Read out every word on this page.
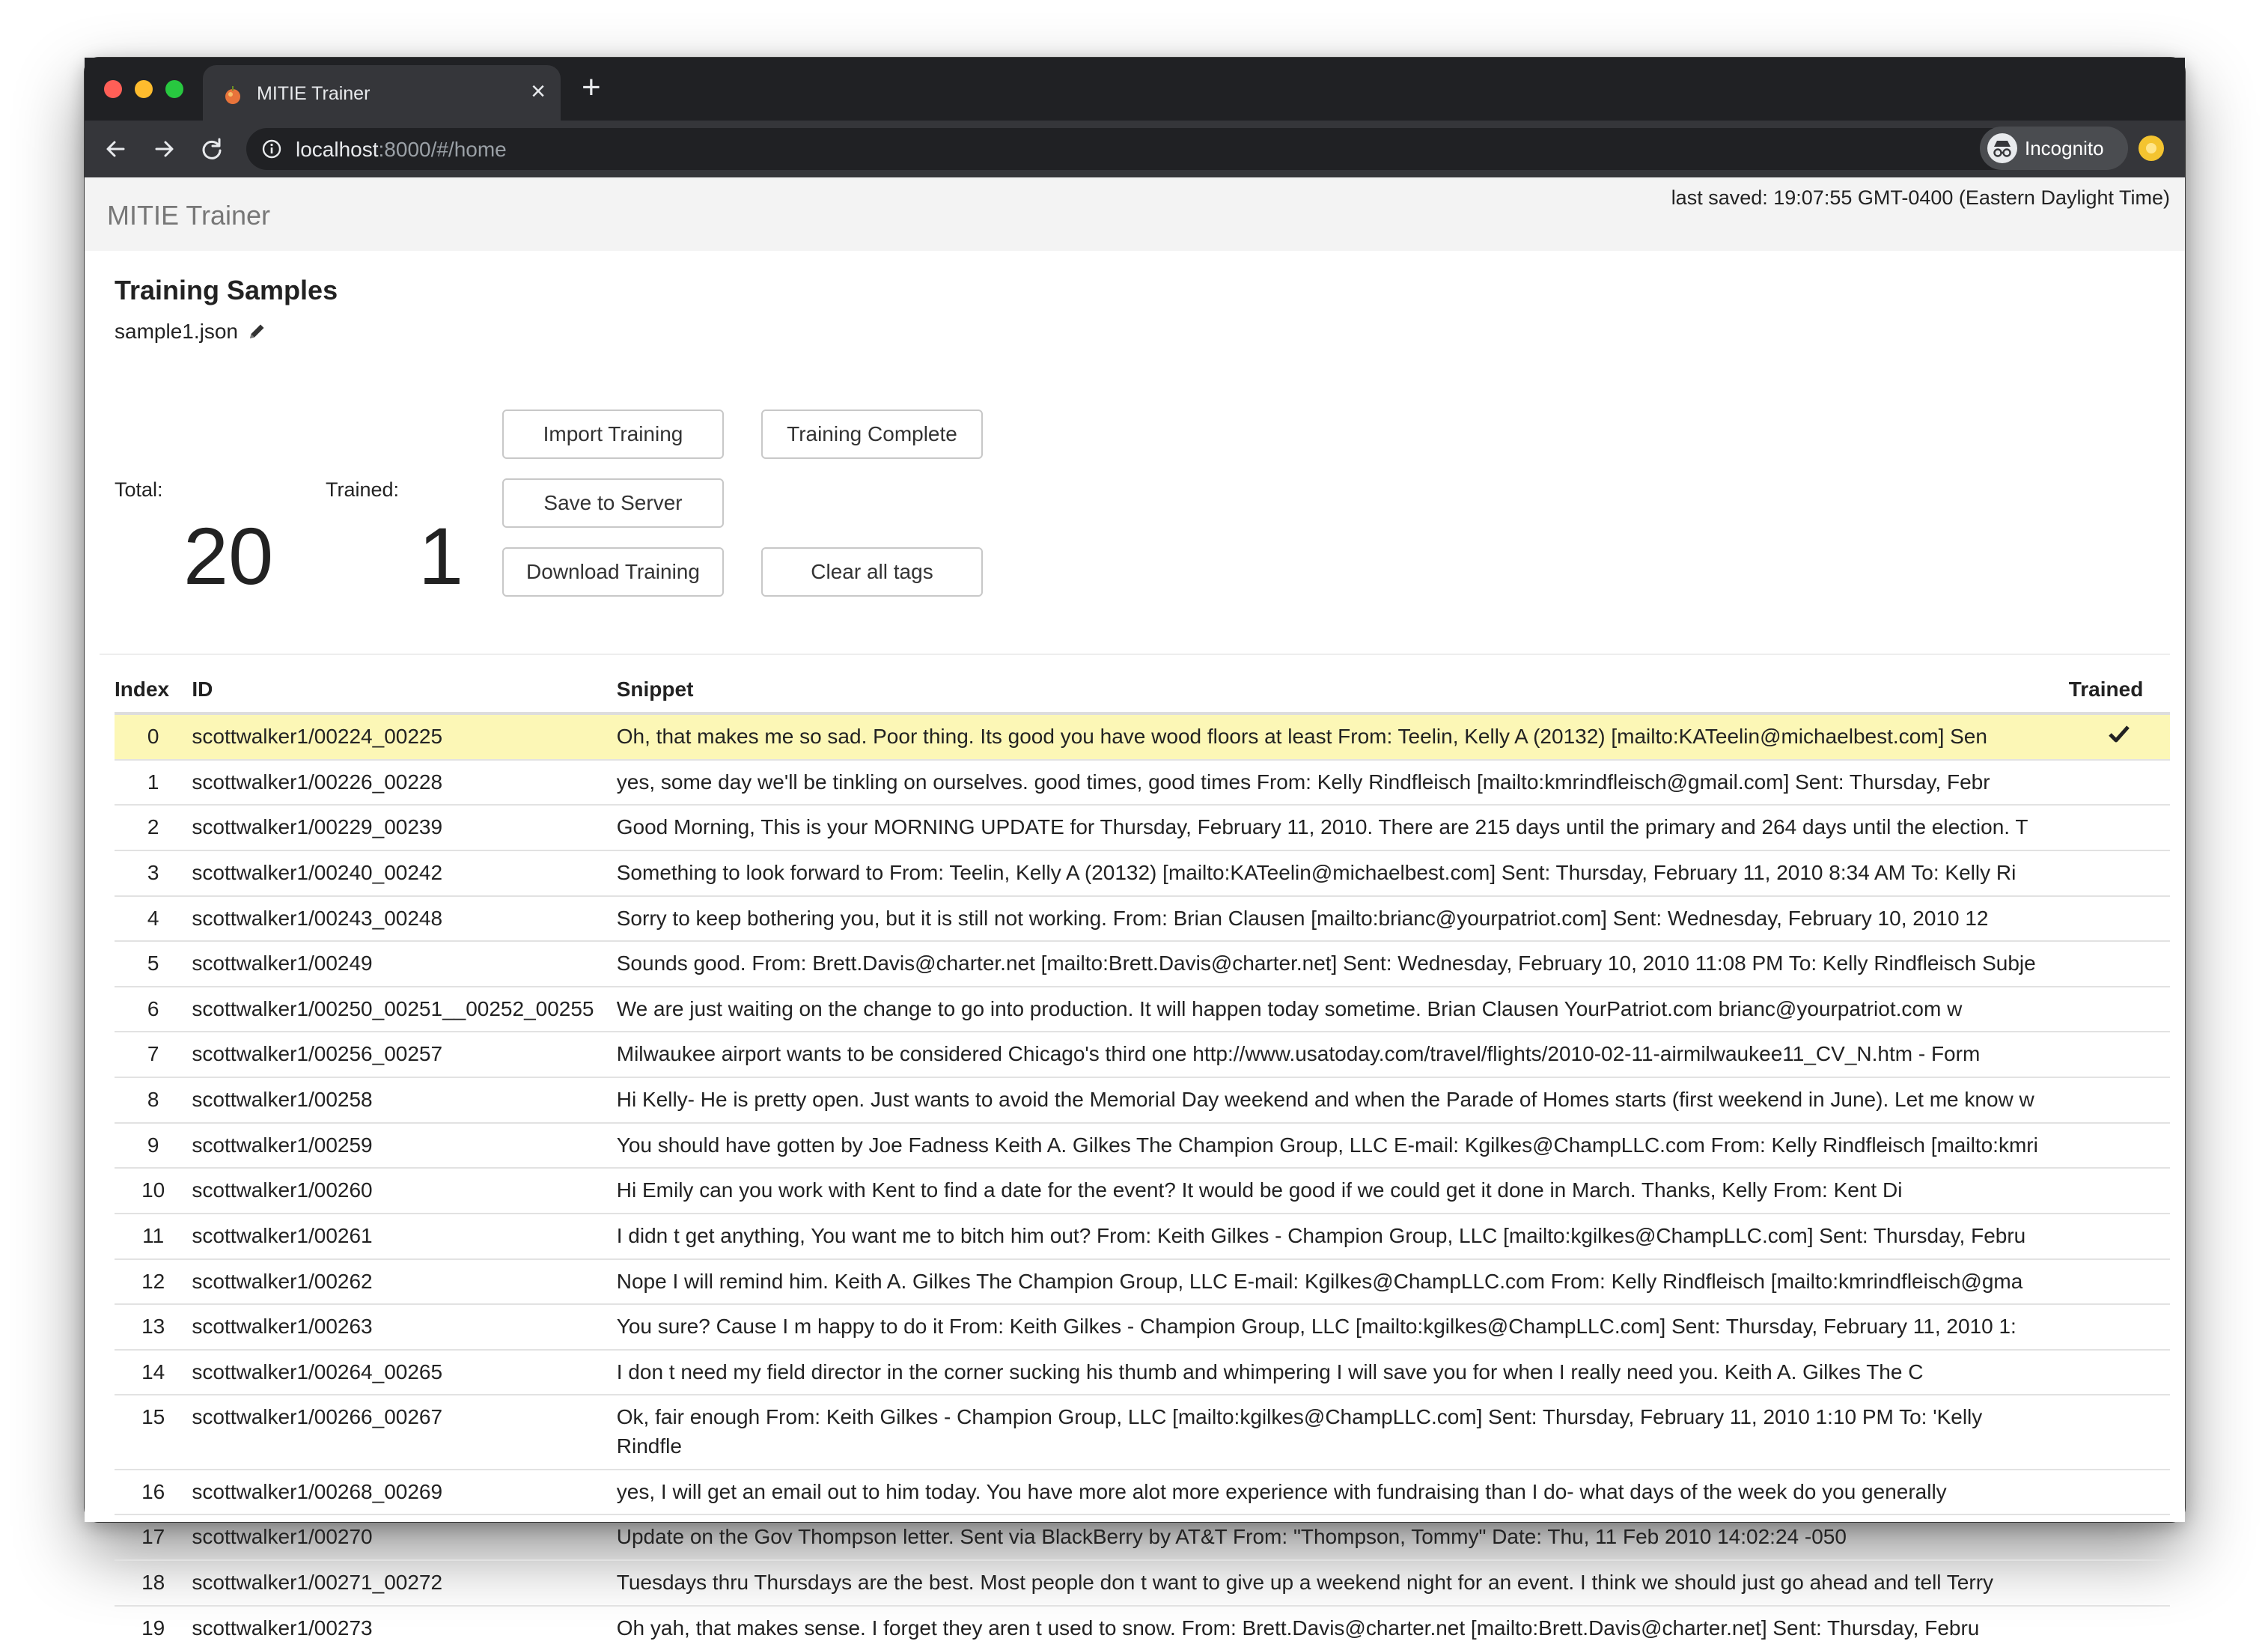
MITIE Trainer	× +
localhost:8000/#/home	Incognito
MITIE Trainer
last saved: 19:07:55 GMT-0400 (Eastern Daylight Time)
Training Samples
sample1.json
Total:
20
Trained:
1
Import Training	Training Complete
Save to Server
Download Training	Clear all tags
Index	ID	Snippet	Trained
0	scottwalker1/00224_00225	Oh, that makes me so sad. Poor thing. Its good you have wood floors at least From: Teelin, Kelly A (20132) [mailto:KATeelin@michaelbest.com] Sen	
1	scottwalker1/00226_00228	yes, some day we'll be tinkling on ourselves. good times, good times From: Kelly Rindfleisch [mailto:kmrindfleisch@gmail.com] Sent: Thursday, Febr	
2	scottwalker1/00229_00239	Good Morning, This is your MORNING UPDATE for Thursday, February 11, 2010. There are 215 days until the primary and 264 days until the election. T	
3	scottwalker1/00240_00242	Something to look forward to From: Teelin, Kelly A (20132) [mailto:KATeelin@michaelbest.com] Sent: Thursday, February 11, 2010 8:34 AM To: Kelly Ri	
4	scottwalker1/00243_00248	Sorry to keep bothering you, but it is still not working. From: Brian Clausen [mailto:brianc@yourpatriot.com] Sent: Wednesday, February 10, 2010 12	
5	scottwalker1/00249	Sounds good. From: Brett.Davis@charter.net [mailto:Brett.Davis@charter.net] Sent: Wednesday, February 10, 2010 11:08 PM To: Kelly Rindfleisch Subje	
6	scottwalker1/00250_00251__00252_00255	We are just waiting on the change to go into production. It will happen today sometime. Brian Clausen YourPatriot.com brianc@yourpatriot.com w	
7	scottwalker1/00256_00257	Milwaukee airport wants to be considered Chicago's third one http://www.usatoday.com/travel/flights/2010-02-11-airmilwaukee11_CV_N.htm - Form	
8	scottwalker1/00258	Hi Kelly- He is pretty open. Just wants to avoid the Memorial Day weekend and when the Parade of Homes starts (first weekend in June). Let me know w	
9	scottwalker1/00259	You should have gotten by Joe Fadness Keith A. Gilkes The Champion Group, LLC E-mail: Kgilkes@ChampLLC.com From: Kelly Rindfleisch [mailto:kmri	
10	scottwalker1/00260	Hi Emily can you work with Kent to find a date for the event? It would be good if we could get it done in March. Thanks, Kelly From: Kent Di	
11	scottwalker1/00261	I didn t get anything, You want me to bitch him out? From: Keith Gilkes - Champion Group, LLC [mailto:kgilkes@ChampLLC.com] Sent: Thursday, Febru	
12	scottwalker1/00262	Nope I will remind him. Keith A. Gilkes The Champion Group, LLC E-mail: Kgilkes@ChampLLC.com From: Kelly Rindfleisch [mailto:kmrindfleisch@gma	
13	scottwalker1/00263	You sure? Cause I m happy to do it From: Keith Gilkes - Champion Group, LLC [mailto:kgilkes@ChampLLC.com] Sent: Thursday, February 11, 2010 1:	
14	scottwalker1/00264_00265	I don t need my field director in the corner sucking his thumb and whimpering I will save you for when I really need you. Keith A. Gilkes The C	
15	scottwalker1/00266_00267	Ok, fair enough From: Keith Gilkes - Champion Group, LLC [mailto:kgilkes@ChampLLC.com] Sent: Thursday, February 11, 2010 1:10 PM To: 'Kelly Rindfle	
16	scottwalker1/00268_00269	yes, I will get an email out to him today. You have more alot more experience with fundraising than I do- what days of the week do you generally	
17	scottwalker1/00270	Update on the Gov Thompson letter. Sent via BlackBerry by AT&T From: "Thompson, Tommy" Date: Thu, 11 Feb 2010 14:02:24 -050	
18	scottwalker1/00271_00272	Tuesdays thru Thursdays are the best. Most people don t want to give up a weekend night for an event. I think we should just go ahead and tell Terry	
19	scottwalker1/00273	Oh yah, that makes sense. I forget they aren t used to snow. From: Brett.Davis@charter.net [mailto:Brett.Davis@charter.net] Sent: Thursday, Febru	
